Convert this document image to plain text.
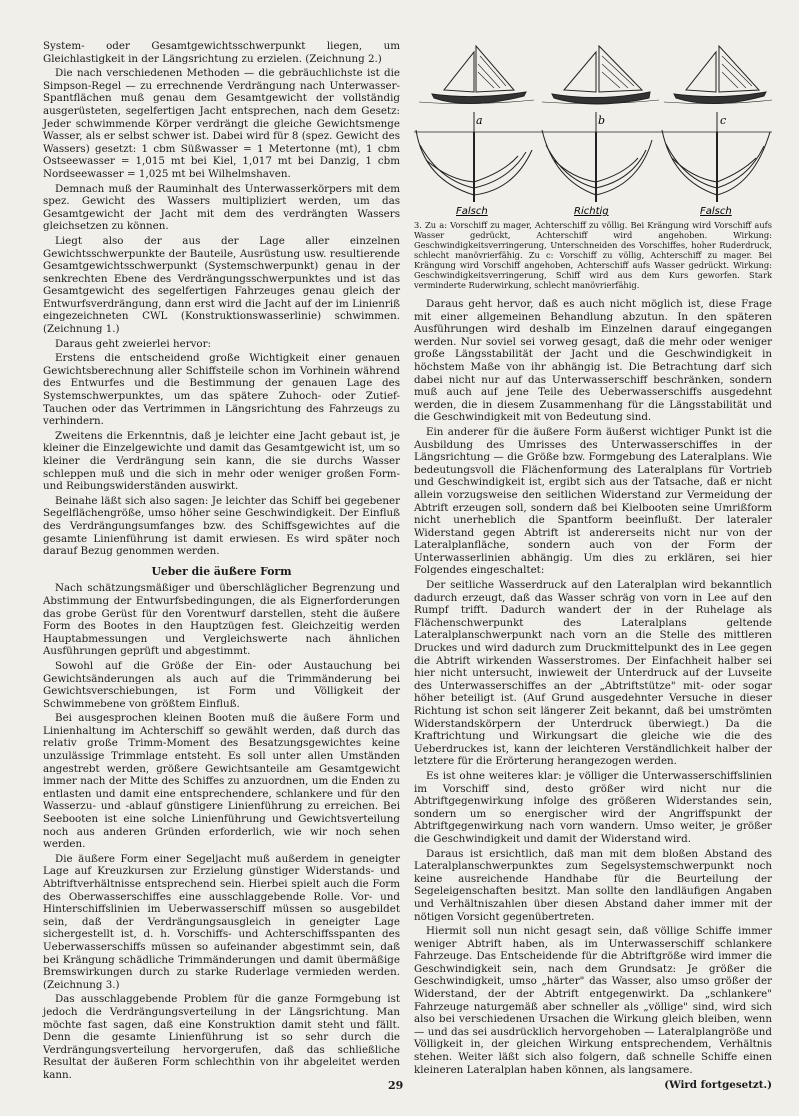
System- oder Gesamtgewichtsschwerpunkt liegen, um Gleichlastigkeit in der Längsrichtung zu erzielen. (Zeichnung 2.)

Die nach verschiedenen Methoden — die gebräuchlichste ist die Simpson-Regel — zu errechnende Verdrängung nach Unterwasser-Spantflächen muß genau dem Gesamtgewicht der vollständig ausgerüsteten, segelfertigen Jacht entsprechen, nach dem Gesetz: Jeder schwimmende Körper verdrängt die gleiche Gewichtsmenge Wasser, als er selbst schwer ist. Dabei wird für 8 (spez. Gewicht des Wassers) gesetzt: 1 cbm Süßwasser = 1 Metertonne (mt), 1 cbm Ostseewasser = 1,015 mt bei Kiel, 1,017 mt bei Danzig, 1 cbm Nordseewasser = 1,025 mt bei Wilhelmshaven.

Demnach muß der Rauminhalt des Unterwasserkörpers mit dem spez. Gewicht des Wassers multipliziert werden, um das Gesamtgewicht der Jacht mit dem des verdrängten Wassers gleichsetzen zu können.

Liegt also der aus der Lage aller einzelnen Gewichtsschwerpunkte der Bauteile, Ausrüstung usw. resultierende Gesamtgewichtsschwerpunkt (Systemschwerpunkt) genau in der senkrechten Ebene des Verdrängungsschwerpunktes und ist das Gesamtgewicht des segelfertigen Fahrzeuges genau gleich der Entwurfsverdrängung, dann erst wird die Jacht auf der im Linienriß eingezeichneten CWL (Konstruktionswasserlinie) schwimmen. (Zeichnung 1.)

Daraus geht zweierlei hervor:

Erstens die entscheidend große Wichtigkeit einer genauen Gewichtsberechnung aller Schiffsteile schon im Vorhinein während des Entwurfes und die Bestimmung der genauen Lage des Systemschwerpunktes, um das spätere Zuhoch- oder Zutief-Tauchen oder das Vertrimmen in Längsrichtung des Fahrzeugs zu verhindern.

Zweitens die Erkenntnis, daß je leichter eine Jacht gebaut ist, je kleiner die Einzelgewichte und damit das Gesamtgewicht ist, um so kleiner die Verdrängung sein kann, die sie durchs Wasser schleppen muß und die sich in mehr oder weniger großen Form- und Reibungswiderständen auswirkt.

Beinahe läßt sich also sagen: Je leichter das Schiff bei gegebener Segelflächengröße, umso höher seine Geschwindigkeit. Der Einfluß des Verdrängungsumfanges bzw. des Schiffsgewichtes auf die gesamte Linienführung ist damit erwiesen. Es wird später noch darauf Bezug genommen werden.

Ueber die äußere Form

Nach schätzungsmäßiger und überschläglicher Begrenzung und Abstimmung der Entwurfsbedingungen, die als Eignerforderungen das grobe Gerüst für den Vorentwurf darstellen, steht die äußere Form des Bootes in den Hauptzügen fest. Gleichzeitig werden Hauptabmessungen und Vergleichswerte nach ähnlichen Ausführungen geprüft und abgestimmt.

Sowohl auf die Größe der Ein- oder Austauchung bei Gewichtsänderungen als auch auf die Trimmänderung bei Gewichtsverschiebungen, ist Form und Völligkeit der Schwimmebene von größtem Einfluß.

Bei ausgesprochen kleinen Booten muß die äußere Form und Linienhaltung im Achterschiff so gewählt werden, daß durch das relativ große Trimm-Moment des Besatzungsgewichtes keine unzulässige Trimmlage entsteht. Es soll unter allen Umständen angestrebt werden, größere Gewichtsanteile am Gesamtgewicht immer nach der Mitte des Schiffes zu anzuordnen, um die Enden zu entlasten und damit eine entsprechendere, schlankere und für den Wasserzu- und -ablauf günstigere Linienführung zu erreichen. Bei Seebooten ist eine solche Linienführung und Gewichtsverteilung noch aus anderen Gründen erforderlich, wie wir noch sehen werden.

Die äußere Form einer Segeljacht muß außerdem in geneigter Lage auf Kreuzkursen zur Erzielung günstiger Widerstands- und Abtriftverhältnisse entsprechend sein. Hierbei spielt auch die Form des Oberwasserschiffes eine ausschlaggebende Rolle. Vor- und Hinterschiffslinien im Ueberwasserschiff müssen so ausgebildet sein, daß der Verdrängungsausgleich in geneigter Lage sichergestellt ist, d. h. Vorschiffs- und Achterschiffsspanten des Ueberwasserschiffs müssen so aufeinander abgestimmt sein, daß bei Krängung schädliche Trimmänderungen und damit übermäßige Bremswirkungen durch zu starke Ruderlage vermieden werden. (Zeichnung 3.)

Das ausschlaggebende Problem für die ganze Formgebung ist jedoch die Verdrängungsverteilung in der Längsrichtung. Man möchte fast sagen, daß eine Konstruktion damit steht und fällt. Denn die gesamte Linienführung ist so sehr durch die Verdrängungsverteilung hervorgerufen, daß das schließliche Resultat der äußeren Form schlechthin von ihr abgeleitet werden kann.

a	b	c
Falsch	Richtig	Falsch
3. Zu a: Vorschiff zu mager, Achterschiff zu völlig. Bei Krängung wird Vorschiff aufs Wasser gedrückt, Achterschiff wird angehoben. Wirkung: Geschwindigkeitsverringerung, Unterschneiden des Vorschiffes, hoher Ruderdruck, schlecht manövrierfähig. Zu c: Vorschiff zu völlig, Achterschiff zu mager. Bei Krängung wird Vorschiff angehoben, Achterschiff aufs Wasser gedrückt. Wirkung: Geschwindigkeitsverringerung, Schiff wird aus dem Kurs geworfen. Stark verminderte Ruderwirkung, schlecht manövrierfähig.

Daraus geht hervor, daß es auch nicht möglich ist, diese Frage mit einer allgemeinen Behandlung abzutun. In den späteren Ausführungen wird deshalb im Einzelnen darauf eingegangen werden. Nur soviel sei vorweg gesagt, daß die mehr oder weniger große Längsstabilität der Jacht und die Geschwindigkeit in höchstem Maße von ihr abhängig ist. Die Betrachtung darf sich dabei nicht nur auf das Unterwasserschiff beschränken, sondern muß auch auf jene Teile des Ueberwasserschiffs ausgedehnt werden, die in diesem Zusammenhang für die Längsstabilität und die Geschwindigkeit mit von Bedeutung sind.

Ein anderer für die äußere Form äußerst wichtiger Punkt ist die Ausbildung des Umrisses des Unterwasserschiffes in der Längsrichtung — die Größe bzw. Formgebung des Lateralplans. Wie bedeutungsvoll die Flächenformung des Lateralplans für Vortrieb und Geschwindigkeit ist, ergibt sich aus der Tatsache, daß er nicht allein vorzugsweise den seitlichen Widerstand zur Vermeidung der Abtrift erzeugen soll, sondern daß bei Kielbooten seine Umrißform nicht unerheblich die Spantform beeinflußt. Der lateraler Widerstand gegen Abtrift ist andererseits nicht nur von der Lateralplanfläche, sondern auch von der Form der Unterwasserlinien abhängig. Um dies zu erklären, sei hier Folgendes eingeschaltet:

Der seitliche Wasserdruck auf den Lateralplan wird bekanntlich dadurch erzeugt, daß das Wasser schräg von vorn in Lee auf den Rumpf trifft. Dadurch wandert der in der Ruhelage als Flächenschwerpunkt des Lateralplans geltende Lateralplanschwerpunkt nach vorn an die Stelle des mittleren Druckes und wird dadurch zum Druckmittelpunkt des in Lee gegen die Abtrift wirkenden Wasserstromes. Der Einfachheit halber sei hier nicht untersucht, inwieweit der Unterdruck auf der Luvseite des Unterwasserschiffes an der „Abtriftstütze" mit- oder sogar höher beteiligt ist. (Auf Grund ausgedehnter Versuche in dieser Richtung ist schon seit längerer Zeit bekannt, daß bei umströmten Widerstandskörpern der Unterdruck überwiegt.) Da die Kraftrichtung und Wirkungsart die gleiche wie die des Ueberdruckes ist, kann der leichteren Verständlichkeit halber der letztere für die Erörterung herangezogen werden.

Es ist ohne weiteres klar: je völliger die Unterwasserschiffslinien im Vorschiff sind, desto größer wird nicht nur die Abtriftgegenwirkung infolge des größeren Widerstandes sein, sondern um so energischer wird der Angriffspunkt der Abtriftgegenwirkung nach vorn wandern. Umso weiter, je größer die Geschwindigkeit und damit der Widerstand wird.

Daraus ist ersichtlich, daß man mit dem bloßen Abstand des Lateralplanschwerpunktes zum Segelsystemschwerpunkt noch keine ausreichende Handhabe für die Beurteilung der Segeleigenschaften besitzt. Man sollte den landläufigen Angaben und Verhältniszahlen über diesen Abstand daher immer mit der nötigen Vorsicht gegenübertreten.

Hiermit soll nun nicht gesagt sein, daß völlige Schiffe immer weniger Abtrift haben, als im Unterwasserschiff schlankere Fahrzeuge. Das Entscheidende für die Abtriftgröße wird immer die Geschwindigkeit sein, nach dem Grundsatz: Je größer die Geschwindigkeit, umso „härter" das Wasser, also umso größer der Widerstand, der der Abtrift entgegenwirkt. Da „schlankere" Fahrzeuge naturgemäß aber schneller als „völlige" sind, wird sich also bei verschiedenen Ursachen die Wirkung gleich bleiben, wenn — und das sei ausdrücklich hervorgehoben — Lateralplangröße und Völligkeit in, der gleichen Wirkung entsprechendem, Verhältnis stehen. Weiter läßt sich also folgern, daß schnelle Schiffe einen kleineren Lateralplan haben können, als langsamere.

(Wird fortgesetzt.)
29
